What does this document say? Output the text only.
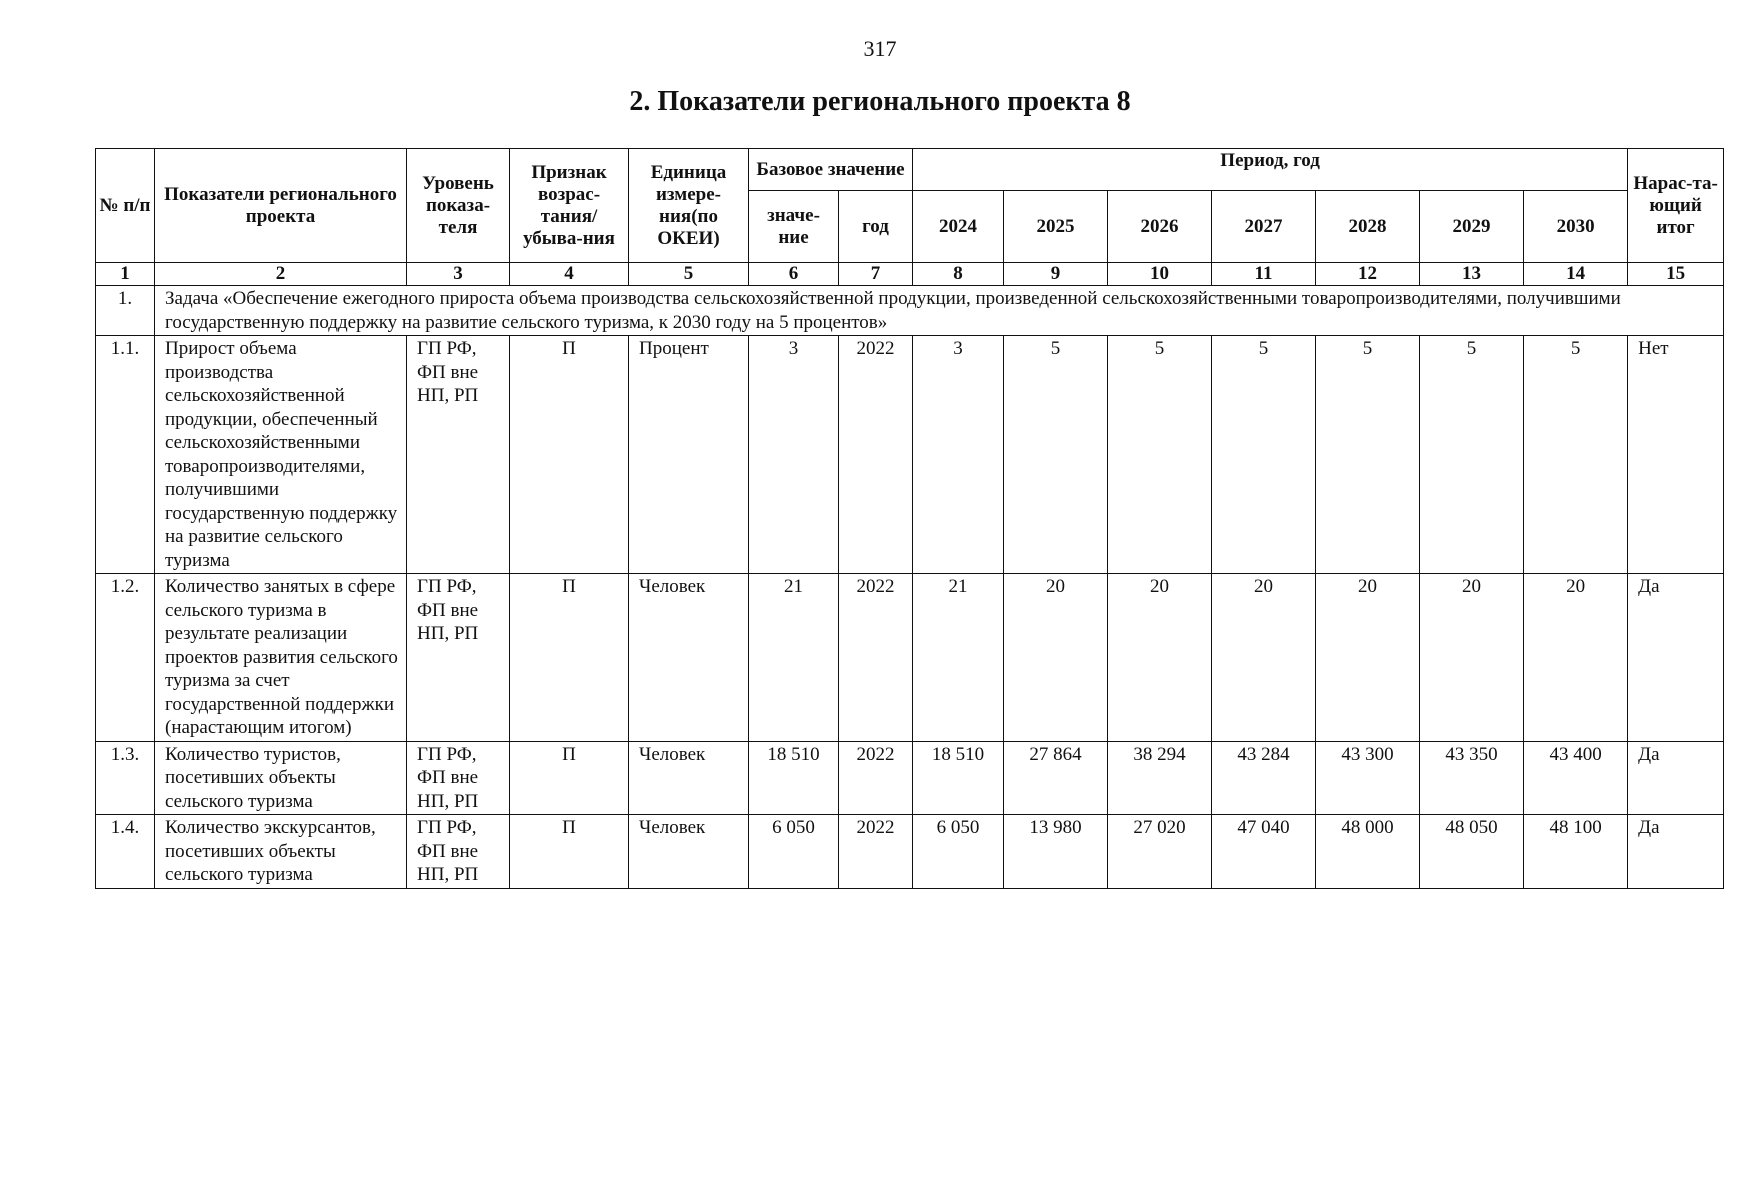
317
2. Показатели регионального проекта 8
№ п/п	Показатели регионального проекта	Уровень показа-теля	Признак возрас-тания/ убыва-ния	Единица измере-ния(по ОКЕИ)	Базовое значение		Период, год							Нарас-та-ющий итог
					значе-ние	год	2024	2025	2026	2027	2028	2029	2030	
1	2	3	4	5	6	7	8	9	10	11	12	13	14	15
1.	Задача «Обеспечение ежегодного прироста объема производства сельскохозяйственной продукции, произведенной сельскохозяйственными товаропроизводителями, получившими государственную поддержку на развитие сельского туризма, к 2030 году на 5 процентов»													
1.1.	Прирост объема производства сельскохозяйственной продукции, обеспеченный сельскохозяйственными товаропроизводителями, получившими государственную поддержку на развитие сельского туризма	ГП РФ, ФП вне НП, РП	П	Процент	3	2022	3	5	5	5	5	5	5	Нет
1.2.	Количество занятых в сфере сельского туризма в результате реализации проектов развития сельского туризма за счет государственной поддержки (нарастающим итогом)	ГП РФ, ФП вне НП, РП	П	Человек	21	2022	21	20	20	20	20	20	20	Да
1.3.	Количество туристов, посетивших объекты сельского туризма	ГП РФ, ФП вне НП, РП	П	Человек	18 510	2022	18 510	27 864	38 294	43 284	43 300	43 350	43 400	Да
1.4.	Количество экскурсантов, посетивших объекты сельского туризма	ГП РФ, ФП вне НП, РП	П	Человек	6 050	2022	6 050	13 980	27 020	47 040	48 000	48 050	48 100	Да
